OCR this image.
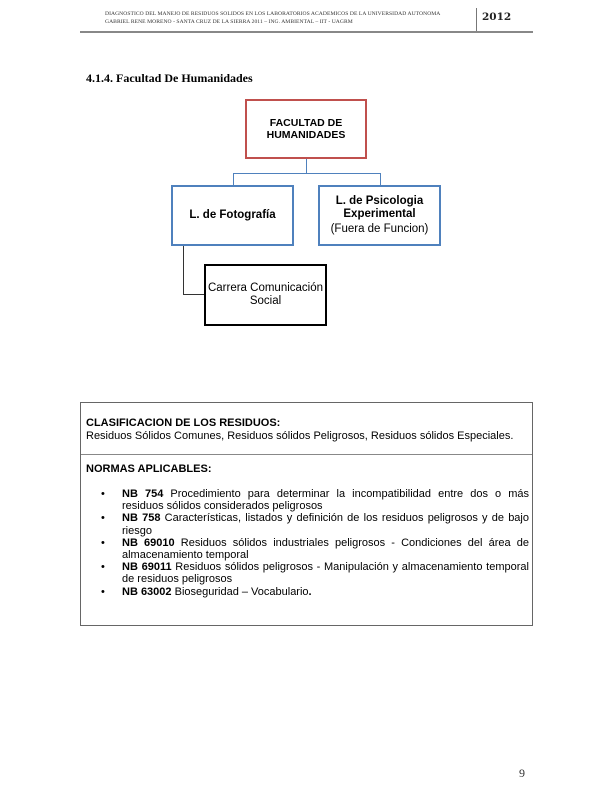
DIAGNOSTICO DEL MANEJO DE RESIDUOS SOLIDOS EN LOS LABORATORIOS ACADEMICOS DE LA UNIVERSIDAD AUTONOMA
GABRIEL RENE MORENO - SANTA CRUZ DE LA SIERRA 2011 – ING. AMBIENTAL – IIT - UAGRM	2012
4.1.4. Facultad De Humanidades
FACULTAD DE HUMANIDADES
L. de Fotografía
L. de Psicologia Experimental
(Fuera de Funcion)
Carrera Comunicación Social
CLASIFICACION DE LOS RESIDUOS:
Residuos Sólidos Comunes, Residuos sólidos Peligrosos, Residuos sólidos Especiales.
NORMAS APLICABLES:
• NB 754 Procedimiento para determinar la incompatibilidad entre dos o más residuos sólidos considerados peligrosos
• NB 758 Características, listados y definición de los residuos peligrosos y de bajo riesgo
• NB 69010 Residuos sólidos industriales peligrosos - Condiciones del área de almacenamiento temporal
• NB 69011 Residuos sólidos peligrosos - Manipulación y almacenamiento temporal de residuos peligrosos
• NB 63002 Bioseguridad – Vocabulario.
9
